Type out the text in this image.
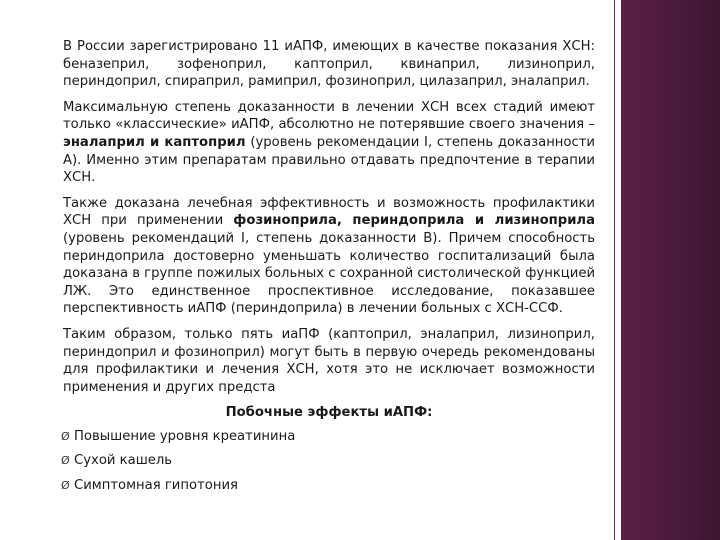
В России зарегистрировано 11 иАПФ, имеющих в качестве показания ХСН: беназеприл, зофеноприл, каптоприл, квинаприл, лизиноприл, периндоприл, спираприл, рамиприл, фозиноприл, цилазаприл, эналаприл.

Максимальную степень доказанности в лечении ХСН всех стадий имеют только «классические» иАПФ, абсолютно не потерявшие своего значения – эналаприл и каптоприл (уровень рекомендации I, степень доказанности А). Именно этим препаратам правильно отдавать предпочтение в терапии ХСН.

Также доказана лечебная эффективность и возможность профилактики ХСН при применении фозиноприла, периндоприла и лизиноприла (уровень рекомендаций I, степень доказанности В). Причем способность периндоприла достоверно уменьшать количество госпитализаций была доказана в группе пожилых больных с сохранной систолической функцией ЛЖ. Это единственное проспективное исследование, показавшее перспективность иАПФ (периндоприла) в лечении больных с ХСН-ССФ.

Таким образом, только пять иаПФ (каптоприл, эналаприл, лизиноприл, периндоприл и фозиноприл) могут быть в первую очередь рекомендованы для профилактики и лечения ХСН, хотя это не исключает возможности применения и других предста

Побочные эффекты иАПФ:
Ø Повышение уровня креатинина
Ø Сухой кашель
Ø Симптомная гипотония
